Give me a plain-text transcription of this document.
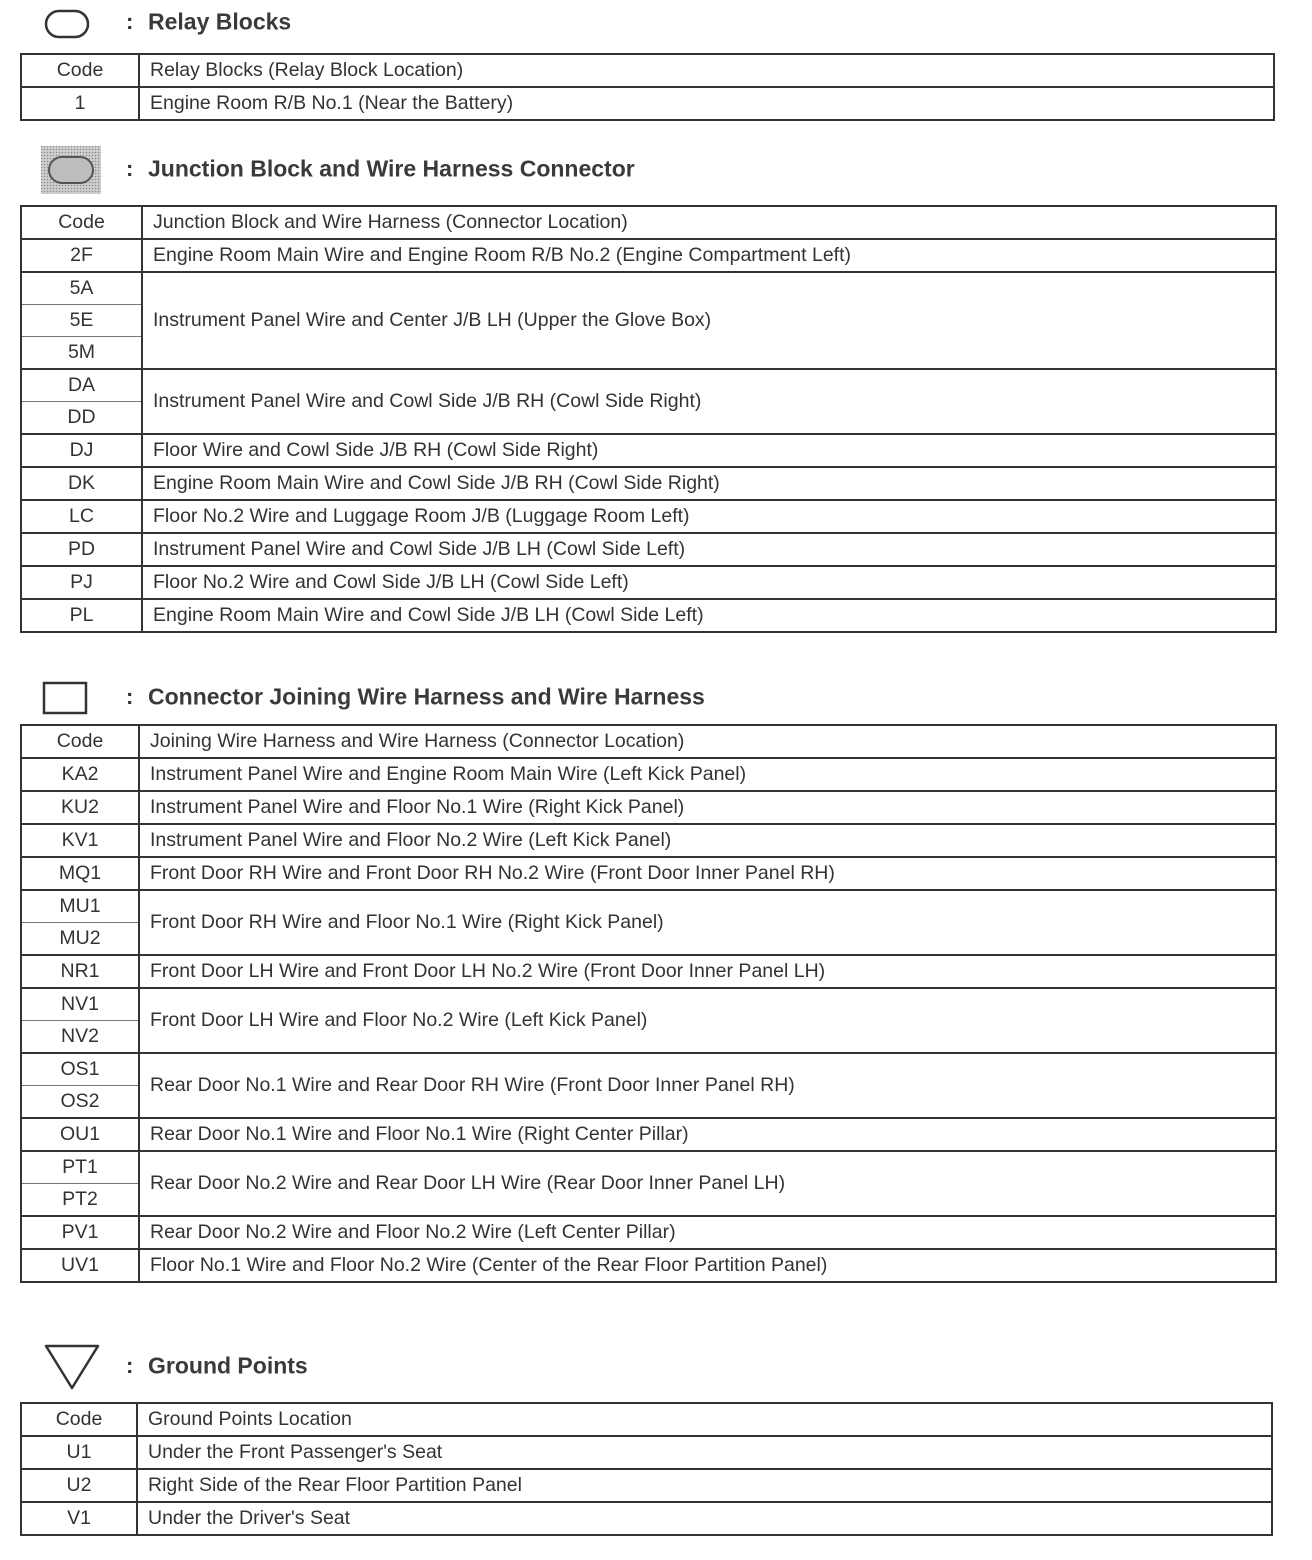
: Relay Blocks
Code	Relay Blocks (Relay Block Location)
1	Engine Room R/B No.1 (Near the Battery)
: Junction Block and Wire Harness Connector
Code	Junction Block and Wire Harness (Connector Location)
2F	Engine Room Main Wire and Engine Room R/B No.2 (Engine Compartment Left)
5A	Instrument Panel Wire and Center J/B LH (Upper the Glove Box)
5E	
5M	
DA	Instrument Panel Wire and Cowl Side J/B RH (Cowl Side Right)
DD	
DJ	Floor Wire and Cowl Side J/B RH (Cowl Side Right)
DK	Engine Room Main Wire and Cowl Side J/B RH (Cowl Side Right)
LC	Floor No.2 Wire and Luggage Room J/B (Luggage Room Left)
PD	Instrument Panel Wire and Cowl Side J/B LH (Cowl Side Left)
PJ	Floor No.2 Wire and Cowl Side J/B LH (Cowl Side Left)
PL	Engine Room Main Wire and Cowl Side J/B LH (Cowl Side Left)
: Connector Joining Wire Harness and Wire Harness
Code	Joining Wire Harness and Wire Harness (Connector Location)
KA2	Instrument Panel Wire and Engine Room Main Wire (Left Kick Panel)
KU2	Instrument Panel Wire and Floor No.1 Wire (Right Kick Panel)
KV1	Instrument Panel Wire and Floor No.2 Wire (Left Kick Panel)
MQ1	Front Door RH Wire and Front Door RH No.2 Wire (Front Door Inner Panel RH)
MU1	Front Door RH Wire and Floor No.1 Wire (Right Kick Panel)
MU2	
NR1	Front Door LH Wire and Front Door LH No.2 Wire (Front Door Inner Panel LH)
NV1	Front Door LH Wire and Floor No.2 Wire (Left Kick Panel)
NV2	
OS1	Rear Door No.1 Wire and Rear Door RH Wire (Front Door Inner Panel RH)
OS2	
OU1	Rear Door No.1 Wire and Floor No.1 Wire (Right Center Pillar)
PT1	Rear Door No.2 Wire and Rear Door LH Wire (Rear Door Inner Panel LH)
PT2	
PV1	Rear Door No.2 Wire and Floor No.2 Wire (Left Center Pillar)
UV1	Floor No.1 Wire and Floor No.2 Wire (Center of the Rear Floor Partition Panel)
: Ground Points
Code	Ground Points Location
U1	Under the Front Passenger's Seat
U2	Right Side of the Rear Floor Partition Panel
V1	Under the Driver's Seat
